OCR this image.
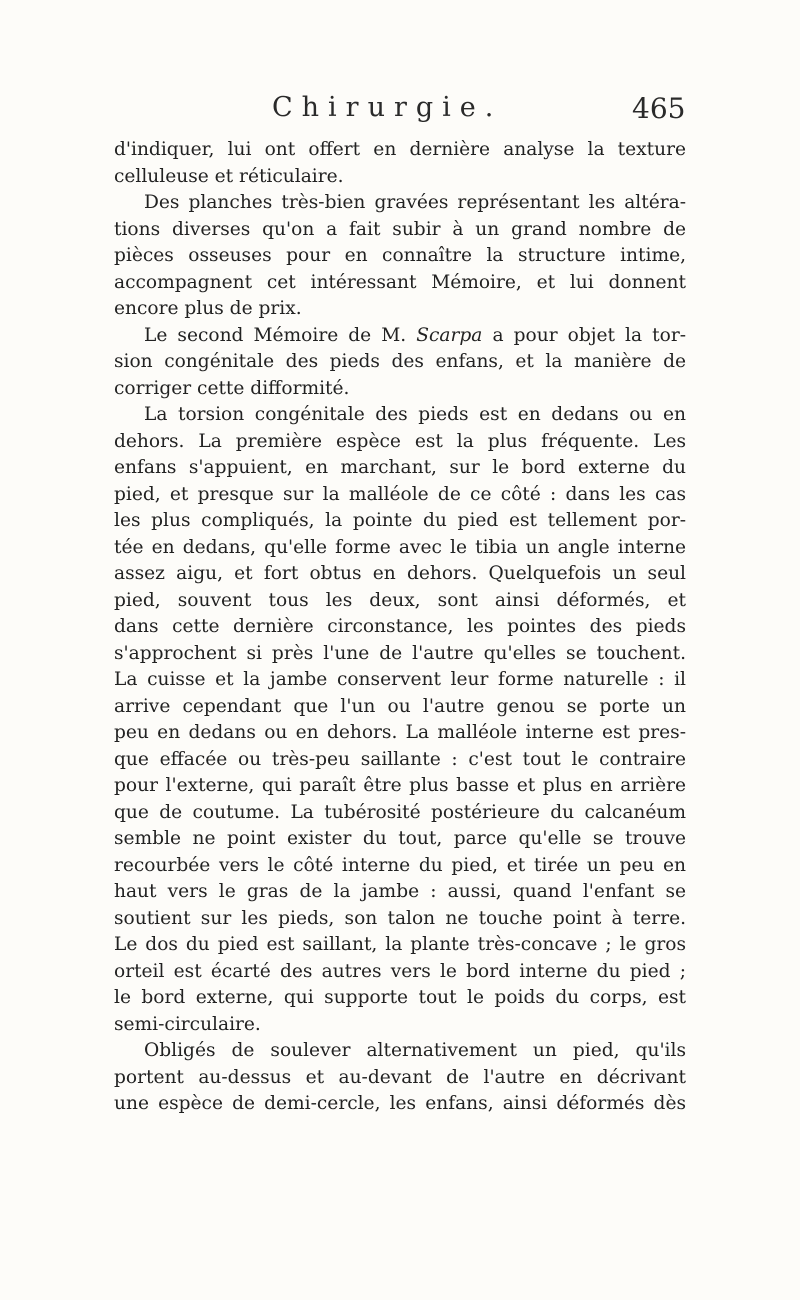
Chirurgie.	465
d'indiquer, lui ont offert en dernière analyse la texture
celluleuse et réticulaire.
Des planches très-bien gravées représentant les altéra-
tions diverses qu'on a fait subir à un grand nombre de
pièces osseuses pour en connaître la structure intime,
accompagnent cet intéressant Mémoire, et lui donnent
encore plus de prix.
Le second Mémoire de M. Scarpa a pour objet la tor-
sion congénitale des pieds des enfans, et la manière de
corriger cette difformité.
La torsion congénitale des pieds est en dedans ou en
dehors. La première espèce est la plus fréquente. Les
enfans s'appuient, en marchant, sur le bord externe du
pied, et presque sur la malléole de ce côté : dans les cas
les plus compliqués, la pointe du pied est tellement por-
tée en dedans, qu'elle forme avec le tibia un angle interne
assez aigu, et fort obtus en dehors. Quelquefois un seul
pied, souvent tous les deux, sont ainsi déformés, et
dans cette dernière circonstance, les pointes des pieds
s'approchent si près l'une de l'autre qu'elles se touchent.
La cuisse et la jambe conservent leur forme naturelle : il
arrive cependant que l'un ou l'autre genou se porte un
peu en dedans ou en dehors. La malléole interne est pres-
que effacée ou très-peu saillante : c'est tout le contraire
pour l'externe, qui paraît être plus basse et plus en arrière
que de coutume. La tubérosité postérieure du calcanéum
semble ne point exister du tout, parce qu'elle se trouve
recourbée vers le côté interne du pied, et tirée un peu en
haut vers le gras de la jambe : aussi, quand l'enfant se
soutient sur les pieds, son talon ne touche point à terre.
Le dos du pied est saillant, la plante très-concave ; le gros
orteil est écarté des autres vers le bord interne du pied ;
le bord externe, qui supporte tout le poids du corps, est
semi-circulaire.
Obligés de soulever alternativement un pied, qu'ils
portent au-dessus et au-devant de l'autre en décrivant
une espèce de demi-cercle, les enfans, ainsi déformés dès
